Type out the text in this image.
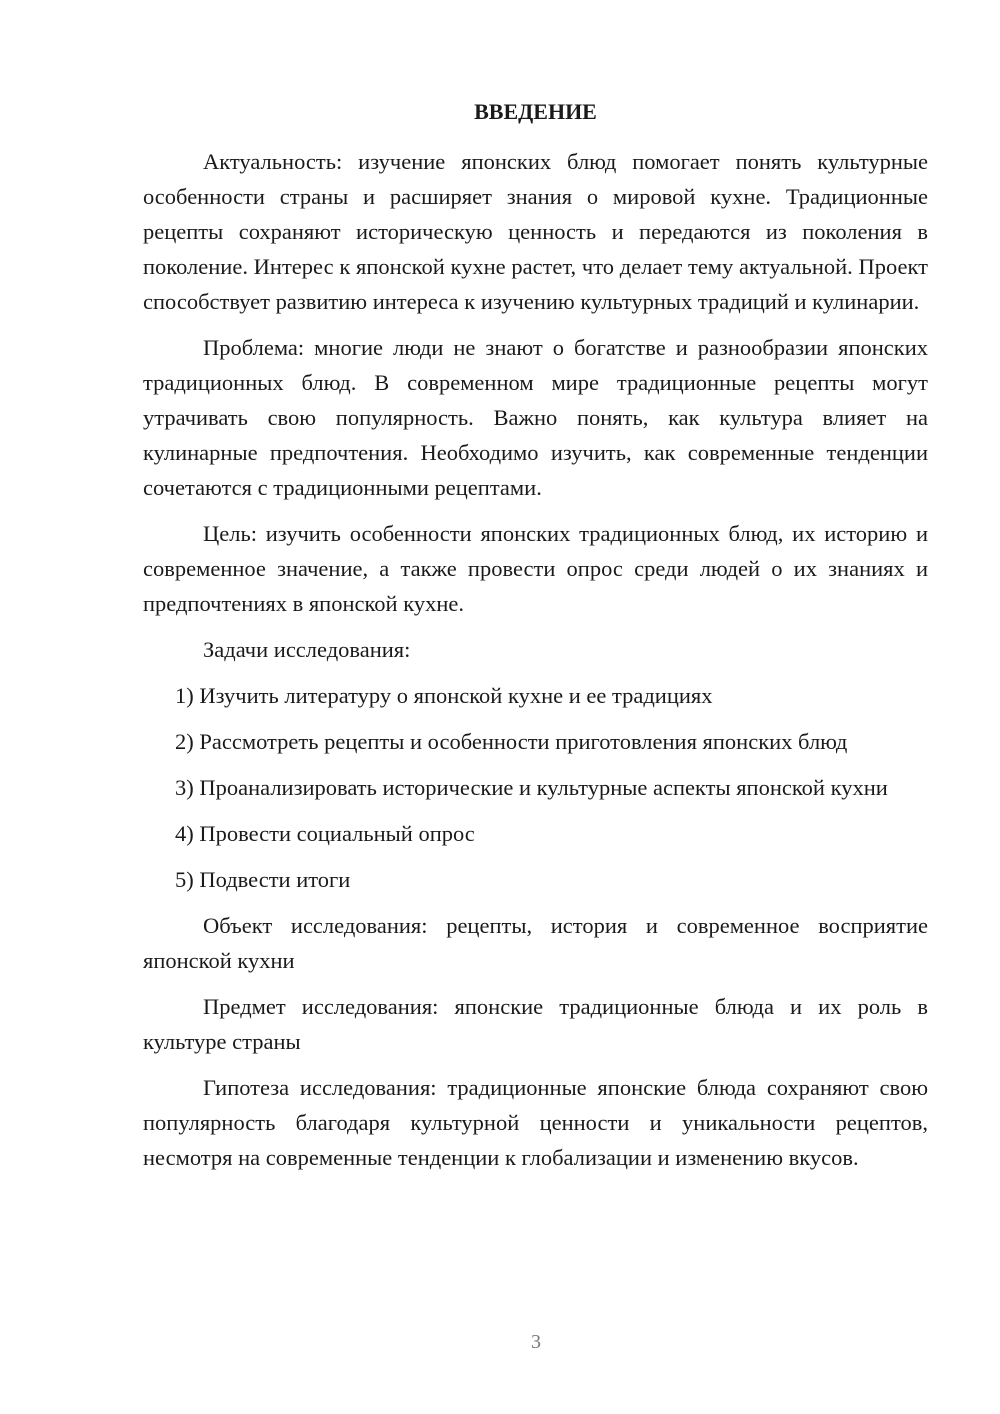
ВВЕДЕНИЕ

Актуальность: изучение японских блюд помогает понять культурные особенности страны и расширяет знания о мировой кухне. Традиционные рецепты сохраняют историческую ценность и передаются из поколения в поколение. Интерес к японской кухне растет, что делает тему актуальной. Проект способствует развитию интереса к изучению культурных традиций и кулинарии.

Проблема: многие люди не знают о богатстве и разнообразии японских традиционных блюд. В современном мире традиционные рецепты могут утрачивать свою популярность. Важно понять, как культура влияет на кулинарные предпочтения. Необходимо изучить, как современные тенденции сочетаются с традиционными рецептами.

Цель: изучить особенности японских традиционных блюд, их историю и современное значение, а также провести опрос среди людей о их знаниях и предпочтениях в японской кухне.

Задачи исследования:

1) Изучить литературу о японской кухне и ее традициях

2) Рассмотреть рецепты и особенности приготовления японских блюд

3) Проанализировать исторические и культурные аспекты японской кухни

4) Провести социальный опрос

5) Подвести итоги

Объект исследования: рецепты, история и современное восприятие японской кухни

Предмет исследования: японские традиционные блюда и их роль в культуре страны

Гипотеза исследования: традиционные японские блюда сохраняют свою популярность благодаря культурной ценности и уникальности рецептов, несмотря на современные тенденции к глобализации и изменению вкусов.

3
